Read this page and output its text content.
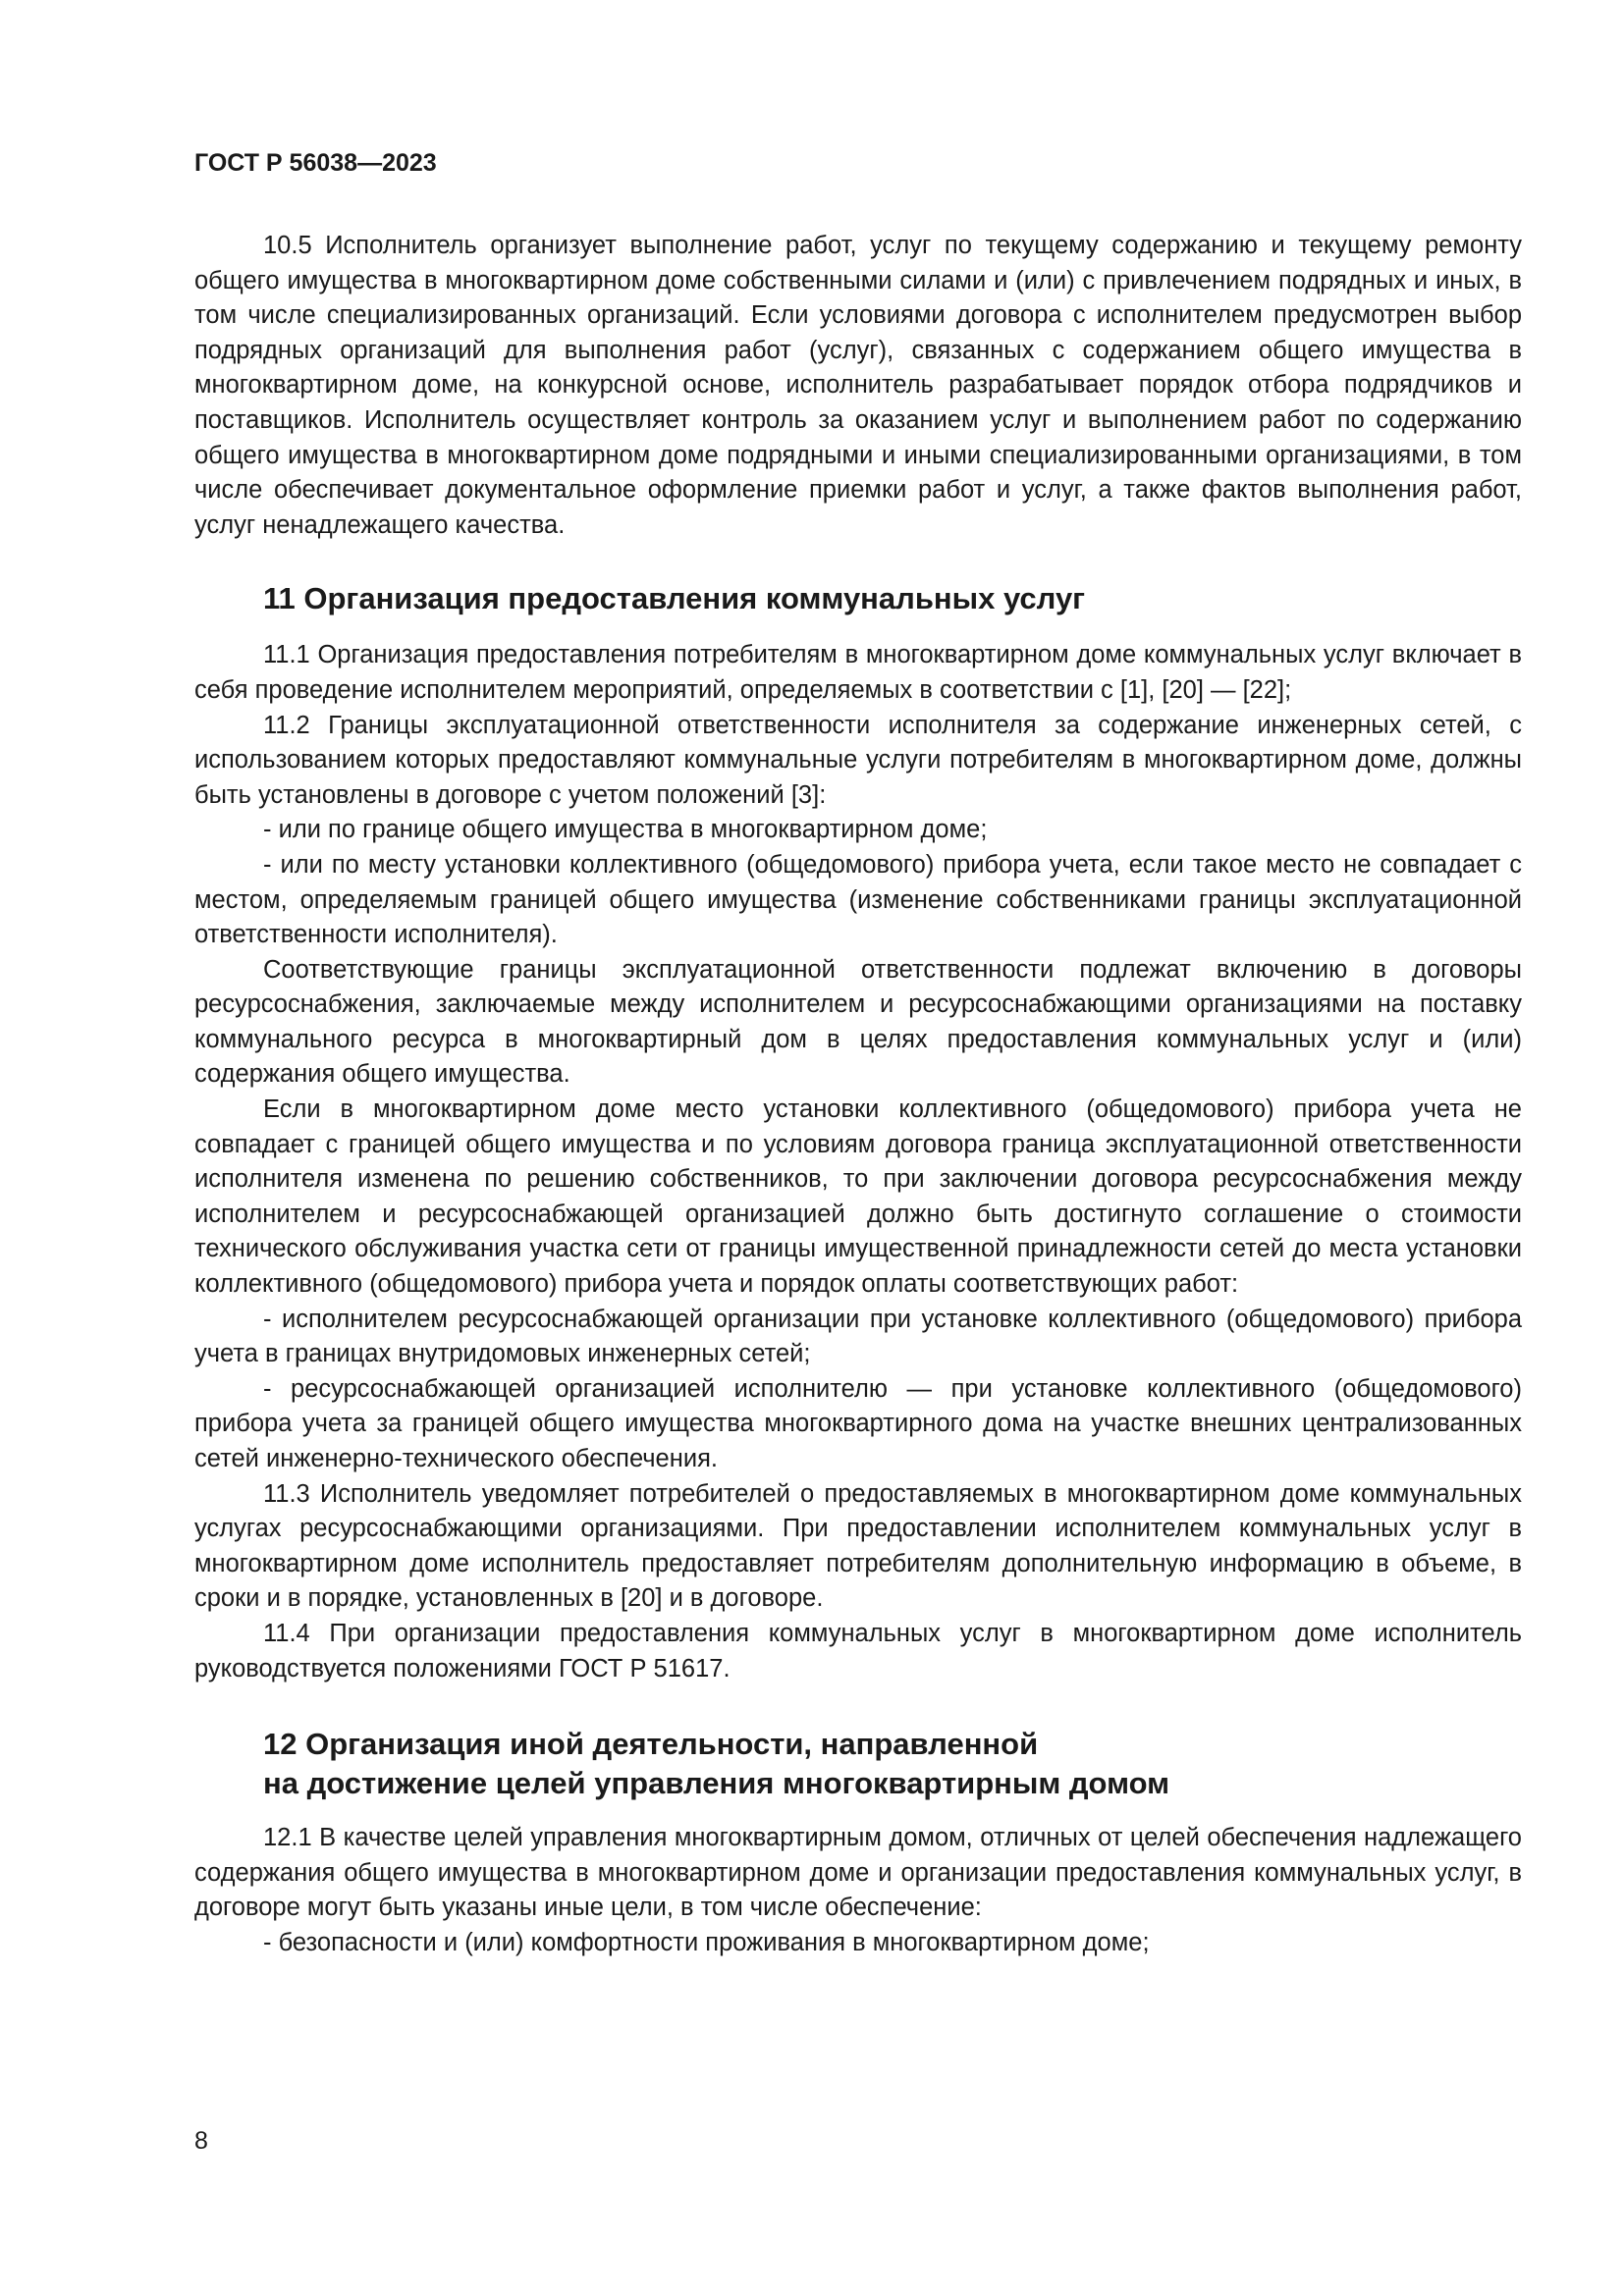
ГОСТ Р 56038—2023

10.5 Исполнитель организует выполнение работ, услуг по текущему содержанию и текущему ремонту общего имущества в многоквартирном доме собственными силами и (или) с привлечением подрядных и иных, в том числе специализированных организаций. Если условиями договора с исполнителем предусмотрен выбор подрядных организаций для выполнения работ (услуг), связанных с содержанием общего имущества в многоквартирном доме, на конкурсной основе, исполнитель разрабатывает порядок отбора подрядчиков и поставщиков. Исполнитель осуществляет контроль за оказанием услуг и выполнением работ по содержанию общего имущества в многоквартирном доме подрядными и иными специализированными организациями, в том числе обеспечивает документальное оформление приемки работ и услуг, а также фактов выполнения работ, услуг ненадлежащего качества.

11 Организация предоставления коммунальных услуг

11.1 Организация предоставления потребителям в многоквартирном доме коммунальных услуг включает в себя проведение исполнителем мероприятий, определяемых в соответствии с [1], [20] — [22];

11.2 Границы эксплуатационной ответственности исполнителя за содержание инженерных сетей, с использованием которых предоставляют коммунальные услуги потребителям в многоквартирном доме, должны быть установлены в договоре с учетом положений [3]:

- или по границе общего имущества в многоквартирном доме;

- или по месту установки коллективного (общедомового) прибора учета, если такое место не совпадает с местом, определяемым границей общего имущества (изменение собственниками границы эксплуатационной ответственности исполнителя).

Соответствующие границы эксплуатационной ответственности подлежат включению в договоры ресурсоснабжения, заключаемые между исполнителем и ресурсоснабжающими организациями на поставку коммунального ресурса в многоквартирный дом в целях предоставления коммунальных услуг и (или) содержания общего имущества.

Если в многоквартирном доме место установки коллективного (общедомового) прибора учета не совпадает с границей общего имущества и по условиям договора граница эксплуатационной ответственности исполнителя изменена по решению собственников, то при заключении договора ресурсоснабжения между исполнителем и ресурсоснабжающей организацией должно быть достигнуто соглашение о стоимости технического обслуживания участка сети от границы имущественной принадлежности сетей до места установки коллективного (общедомового) прибора учета и порядок оплаты соответствующих работ:

- исполнителем ресурсоснабжающей организации при установке коллективного (общедомового) прибора учета в границах внутридомовых инженерных сетей;

- ресурсоснабжающей организацией исполнителю — при установке коллективного (общедомового) прибора учета за границей общего имущества многоквартирного дома на участке внешних централизованных сетей инженерно-технического обеспечения.

11.3 Исполнитель уведомляет потребителей о предоставляемых в многоквартирном доме коммунальных услугах ресурсоснабжающими организациями. При предоставлении исполнителем коммунальных услуг в многоквартирном доме исполнитель предоставляет потребителям дополнительную информацию в объеме, в сроки и в порядке, установленных в [20] и в договоре.

11.4 При организации предоставления коммунальных услуг в многоквартирном доме исполнитель руководствуется положениями ГОСТ Р 51617.

12 Организация иной деятельности, направленной
на достижение целей управления многоквартирным домом

12.1 В качестве целей управления многоквартирным домом, отличных от целей обеспечения надлежащего содержания общего имущества в многоквартирном доме и организации предоставления коммунальных услуг, в договоре могут быть указаны иные цели, в том числе обеспечение:

- безопасности и (или) комфортности проживания в многоквартирном доме;

8
